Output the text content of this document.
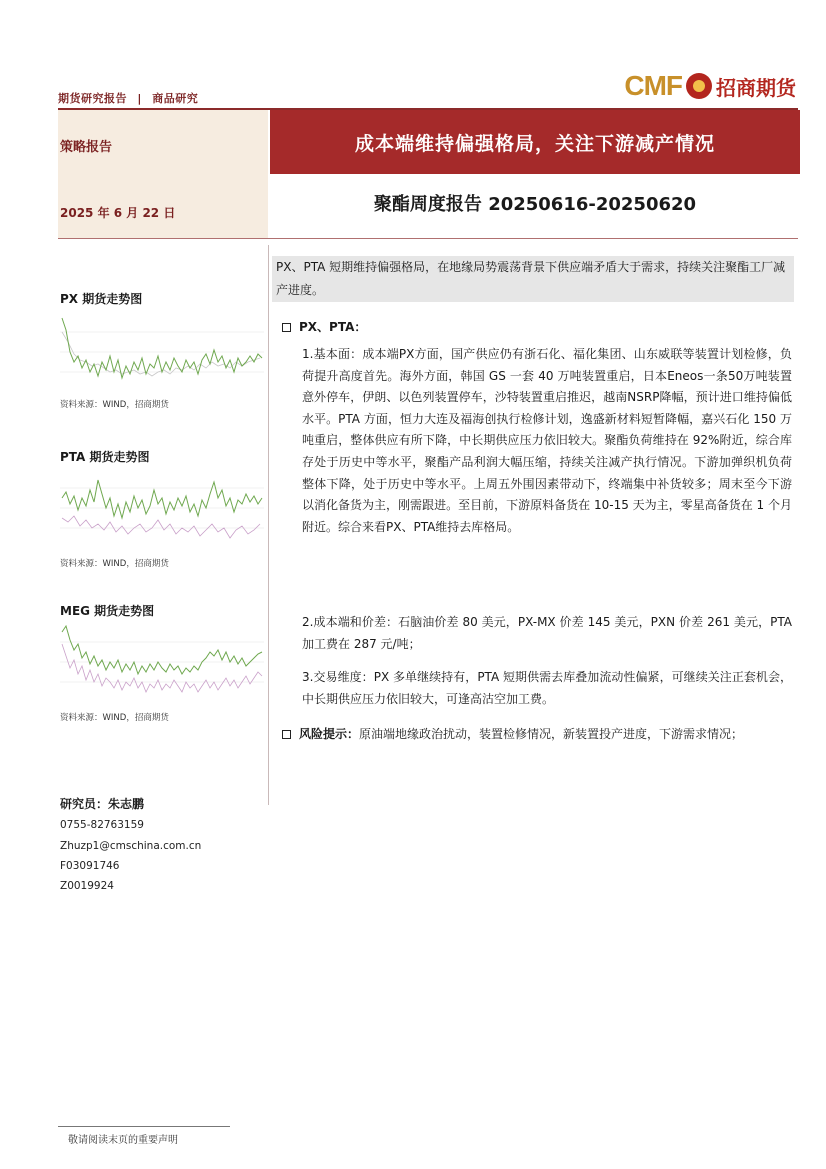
期货研究报告 | 商品研究	CMF 招商期货
策略报告
2025 年 6 月 22 日
成本端维持偏强格局，关注下游减产情况
聚酯周度报告 20250616-20250620
PX、PTA 短期维持偏强格局，在地缘局势震荡背景下供应端矛盾大于需求，持续关注聚酯工厂减产进度。
PX、PTA：
1.基本面：成本端PX方面，国产供应仍有浙石化、福化集团、山东威联等装置计划检修，负荷提升高度首先。海外方面，韩国 GS 一套 40 万吨装置重启，日本Eneos一条50万吨装置意外停车，伊朗、以色列装置停车，沙特装置重启推迟，越南NSRP降幅，预计进口维持偏低水平。PTA 方面，恒力大连及福海创执行检修计划，逸盛新材料短暂降幅，嘉兴石化 150 万吨重启，整体供应有所下降，中长期供应压力依旧较大。聚酯负荷维持在 92%附近，综合库存处于历史中等水平，聚酯产品利润大幅压缩，持续关注减产执行情况。下游加弹织机负荷整体下降，处于历史中等水平。上周五外围因素带动下，终端集中补货较多；周末至今下游以消化备货为主，刚需跟进。至目前，下游原料备货在 10-15 天为主，零星高备货在 1 个月附近。综合来看PX、PTA维持去库格局。
2.成本端和价差：石脑油价差 80 美元，PX-MX 价差 145 美元，PXN 价差 261 美元，PTA 加工费在 287 元/吨；
3.交易维度：PX 多单继续持有，PTA 短期供需去库叠加流动性偏紧，可继续关注正套机会，中长期供应压力依旧较大，可逢高沽空加工费。
风险提示：原油端地缘政治扰动，装置检修情况，新装置投产进度，下游需求情况；
PX 期货走势图
资料来源：WIND，招商期货
PTA 期货走势图
资料来源：WIND，招商期货
MEG 期货走势图
资料来源：WIND，招商期货
研究员：朱志鹏
0755-82763159
Zhuzp1@cmschina.com.cn
F03091746
Z0019924
敬请阅读末页的重要声明
